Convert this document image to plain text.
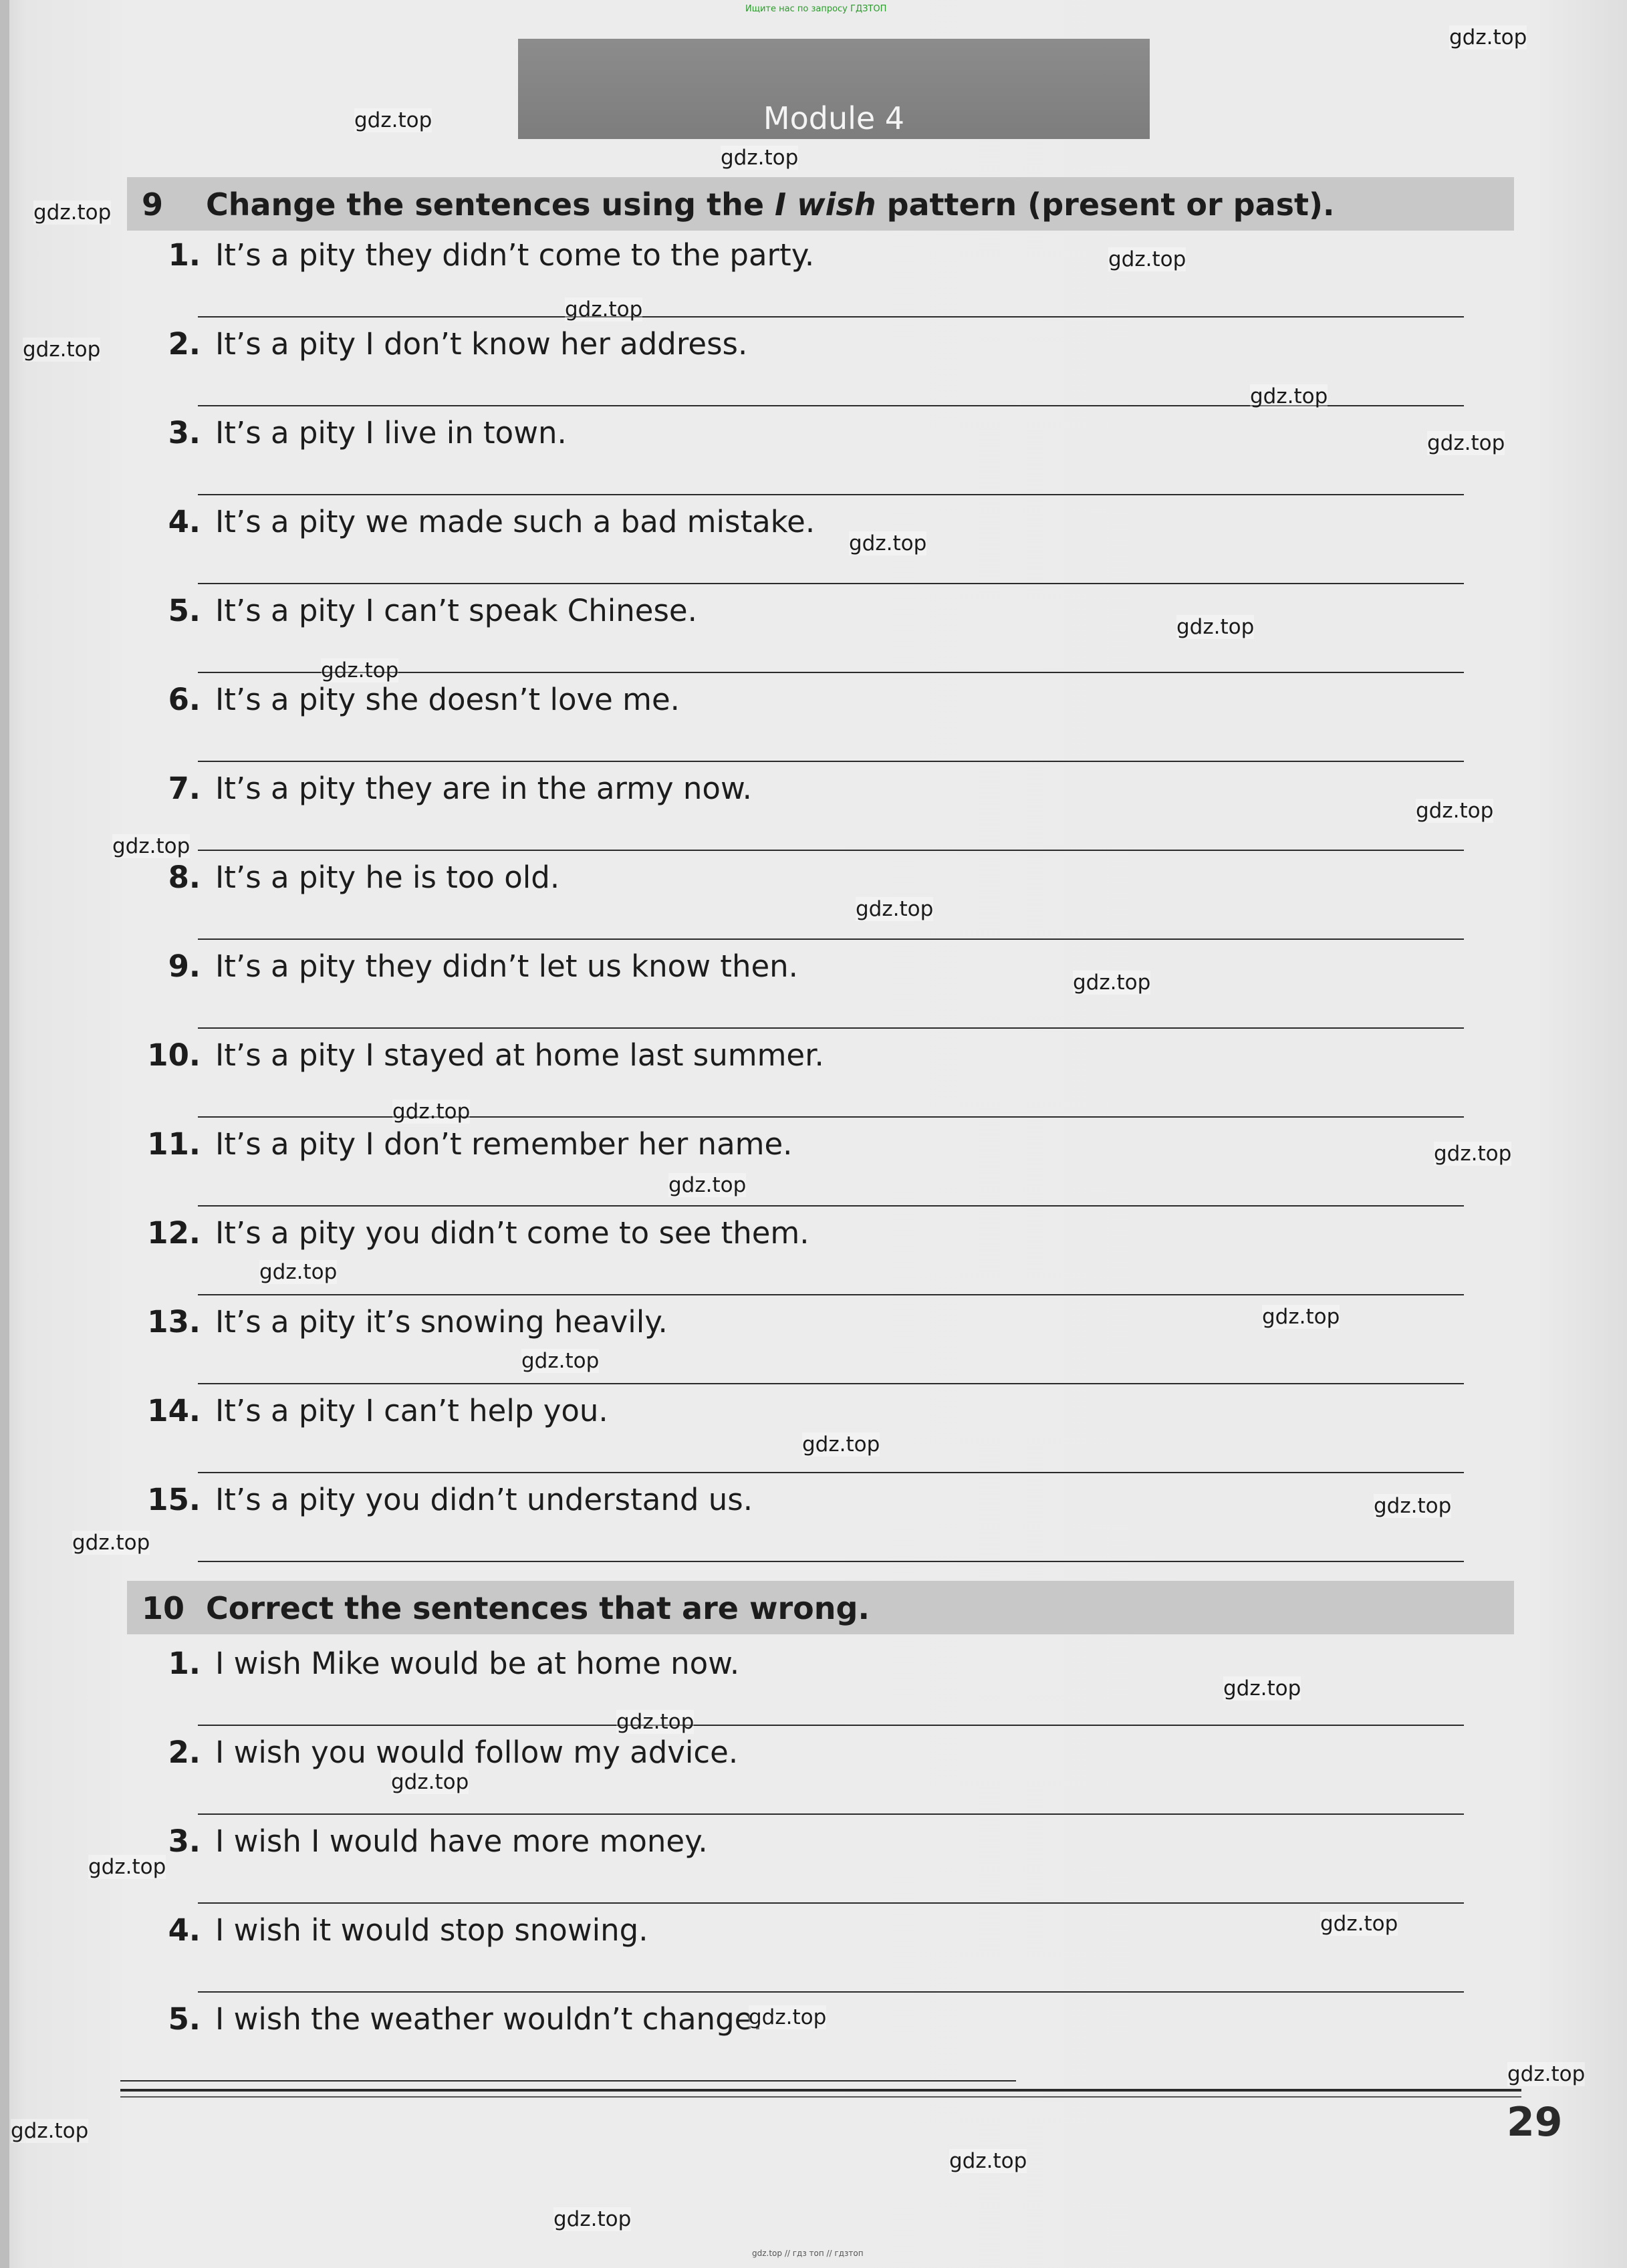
Ищите нас по запросу ГДЗТОП
Module 4
9 Change the sentences using the I wish pattern (present or past).
1. It’s a pity they didn’t come to the party.
2. It’s a pity I don’t know her address.
3. It’s a pity I live in town.
4. It’s a pity we made such a bad mistake.
5. It’s a pity I can’t speak Chinese.
6. It’s a pity she doesn’t love me.
7. It’s a pity they are in the army now.
8. It’s a pity he is too old.
9. It’s a pity they didn’t let us know then.
10. It’s a pity I stayed at home last summer.
11. It’s a pity I don’t remember her name.
12. It’s a pity you didn’t come to see them.
13. It’s a pity it’s snowing heavily.
14. It’s a pity I can’t help you.
15. It’s a pity you didn’t understand us.
10 Correct the sentences that are wrong.
1. I wish Mike would be at home now.
2. I wish you would follow my advice.
3. I wish I would have more money.
4. I wish it would stop snowing.
5. I wish the weather wouldn’t change.
29
gdz.top
gdz.top
gdz.top
gdz.top
gdz.top
gdz.top
gdz.top
gdz.top
gdz.top
gdz.top
gdz.top
gdz.top
gdz.top
gdz.top
gdz.top
gdz.top
gdz.top
gdz.top
gdz.top
gdz.top
gdz.top
gdz.top
gdz.top
gdz.top
gdz.top
gdz.top
gdz.top
gdz.top
gdz.top
gdz.top
gdz.top
gdz.top
gdz.top
gdz.top
gdz.top
gdz.top // гдз топ // гдзтоп
